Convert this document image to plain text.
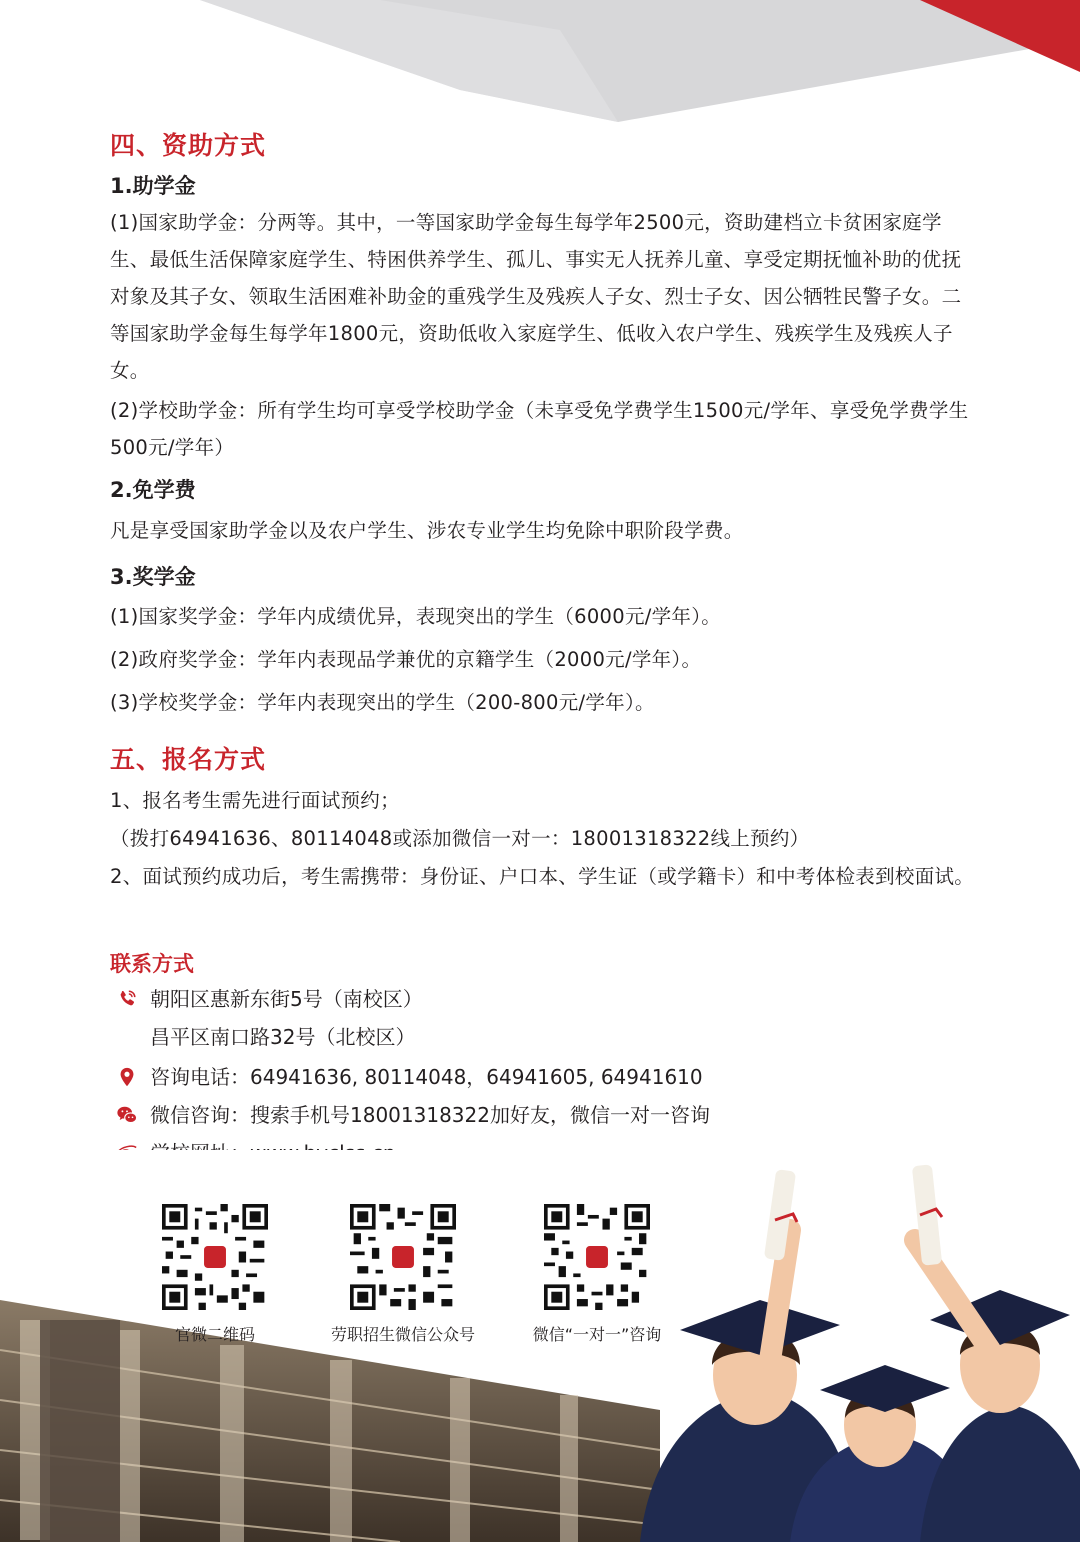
四、资助方式
1.助学金
(1)国家助学金：分两等。其中，一等国家助学金每生每学年2500元，资助建档立卡贫困家庭学生、最低生活保障家庭学生、特困供养学生、孤儿、事实无人抚养儿童、享受定期抚恤补助的优抚对象及其子女、领取生活困难补助金的重残学生及残疾人子女、烈士子女、因公牺牲民警子女。二等国家助学金每生每学年1800元，资助低收入家庭学生、低收入农户学生、残疾学生及残疾人子女。
(2)学校助学金：所有学生均可享受学校助学金（未享受免学费学生1500元/学年、享受免学费学生500元/学年）
2.免学费
凡是享受国家助学金以及农户学生、涉农专业学生均免除中职阶段学费。
3.奖学金
(1)国家奖学金：学年内成绩优异，表现突出的学生（6000元/学年）。
(2)政府奖学金：学年内表现品学兼优的京籍学生（2000元/学年）。
(3)学校奖学金：学年内表现突出的学生（200-800元/学年）。
五、报名方式
1、报名考生需先进行面试预约；
（拨打64941636、80114048或添加微信一对一：18001318322线上预约）
2、面试预约成功后，考生需携带：身份证、户口本、学生证（或学籍卡）和中考体检表到校面试。
联系方式
朝阳区惠新东街5号（南校区）
昌平区南口路32号（北校区）
咨询电话：64941636, 80114048，64941605, 64941610
微信咨询：搜索手机号18001318322加好友，微信一对一咨询
官微二维码	劳职招生微信公众号	微信“一对一”咨询
